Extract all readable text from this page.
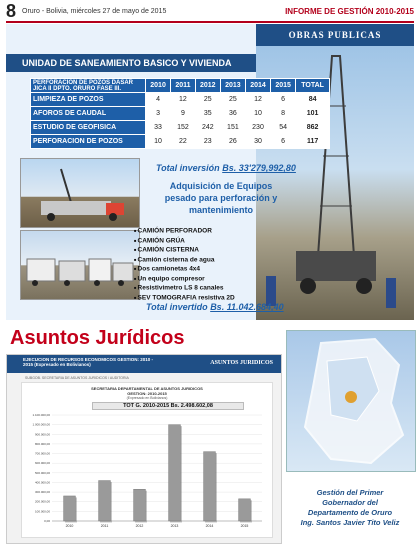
8 Oruro - Bolivia, miércoles 27 de mayo de 2015	INFORME DE GESTIÓN 2010-2015
OBRAS PUBLICAS
UNIDAD DE SANEAMIENTO BASICO Y VIVIENDA
PERFORACION DE POZOS DASAR JICA II DPTO. ORURO FASE III.	2010	2011	2012	2013	2014	2015	TOTAL
LIMPIEZA DE POZOS	4	12	25	25	12	6	84
AFOROS DE CAUDAL	3	9	35	36	10	8	101
ESTUDIO DE GEOFISICA	33	152	242	151	230	54	862
PERFORACION DE POZOS	10	22	23	26	30	6	117
Total inversión Bs. 33'279,992,80
Adquisición de Equipos pesado para perforación y mantenimiento
■ CAMIÓN PERFORADOR
■ CAMIÓN GRÚA
■ CAMIÓN CISTERNA
■ Camión cisterna de agua
■ Dos camionetas 4x4
■ Un equipo compresor
■ Resistivimetro LS 8 canales
■ SEV TOMOGRAFIA resistiva 2D
Total invertido Bs. 11.042.684,40
Asuntos Jurídicos
EJECUCION DE RECURSOS ECONOMICOS GESTION: 2010 - 2015 (Expresado en Bolivianos)	ASUNTOS JURIDICOS
SUBGOB. SECRETARIA DE ASUNTOS JURIDICOS / AUDITORIA
SECRETARIA DEPARTAMENTAL DE ASUNTOS JURIDICOS
GESTION: 2010-2015
(Expresado en Bolivianos)
TOT G. 2010-2015 Bs. 2.498.602,08
1.100.000,00
1.000.000,00
900.000,00
800.000,00
700.000,00
600.000,00
500.000,00
400.000,00
300.000,00
200.000,00
100.000,00
0,00
2010	2011	2012	2013	2014	2015
Gestión del Primer
Gobernador del
Departamento de Oruro
Ing. Santos Javier Tito Veliz
